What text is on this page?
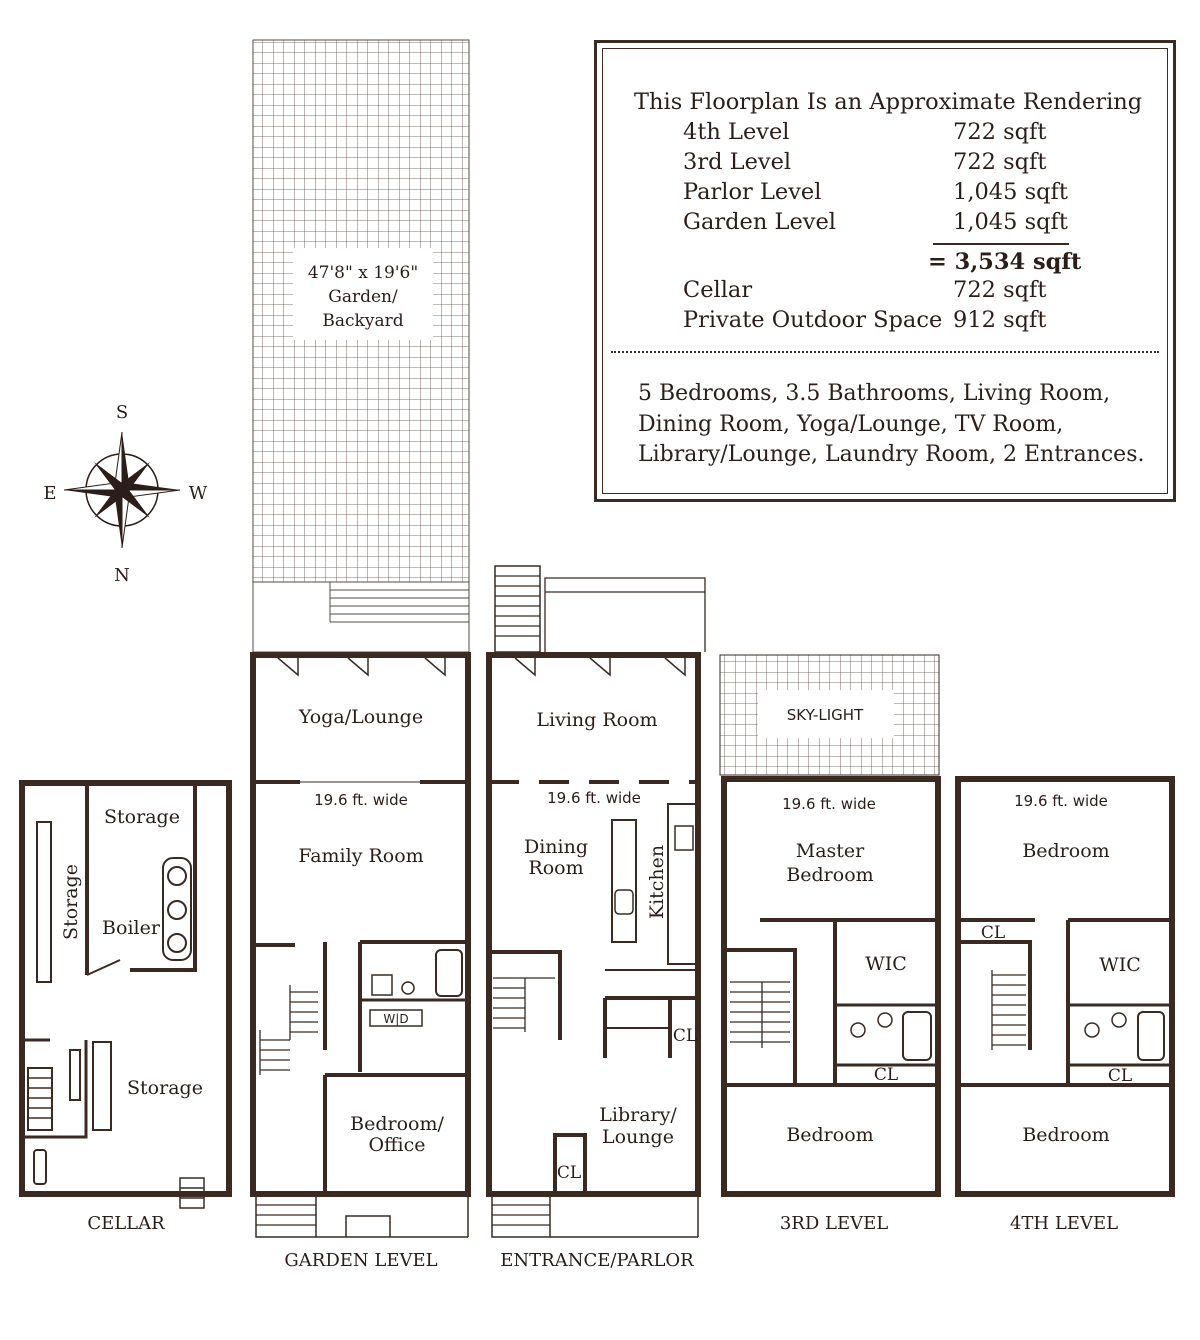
47'8" x 19'6"
Garden/
Backyard
S
E	W
N
Storage
Storage Boiler
Storage
CELLAR
Yoga/Lounge
19.6 ft. wide
Family Room
W|D
Bedroom/
Office
GARDEN LEVEL
Living Room
19.6 ft. wide
Dining
Room	Kitchen
CL
Library/
Lounge
CL
ENTRANCE/PARLOR
SKY-LIGHT
19.6 ft. wide
Master
Bedroom
WIC
CL
Bedroom
3RD LEVEL
19.6 ft. wide
Bedroom
CL
WIC
CL
Bedroom
4TH LEVEL
This Floorplan Is an Approximate Rendering
4th Level	722 sqft
3rd Level	722 sqft
Parlor Level	1,045 sqft
Garden Level	1,045 sqft
= 3,534 sqft
Cellar	722 sqft
Private Outdoor Space 912 sqft
5 Bedrooms, 3.5 Bathrooms, Living Room, Dining Room, Yoga/Lounge, TV Room, Library/Lounge, Laundry Room, 2 Entrances.
